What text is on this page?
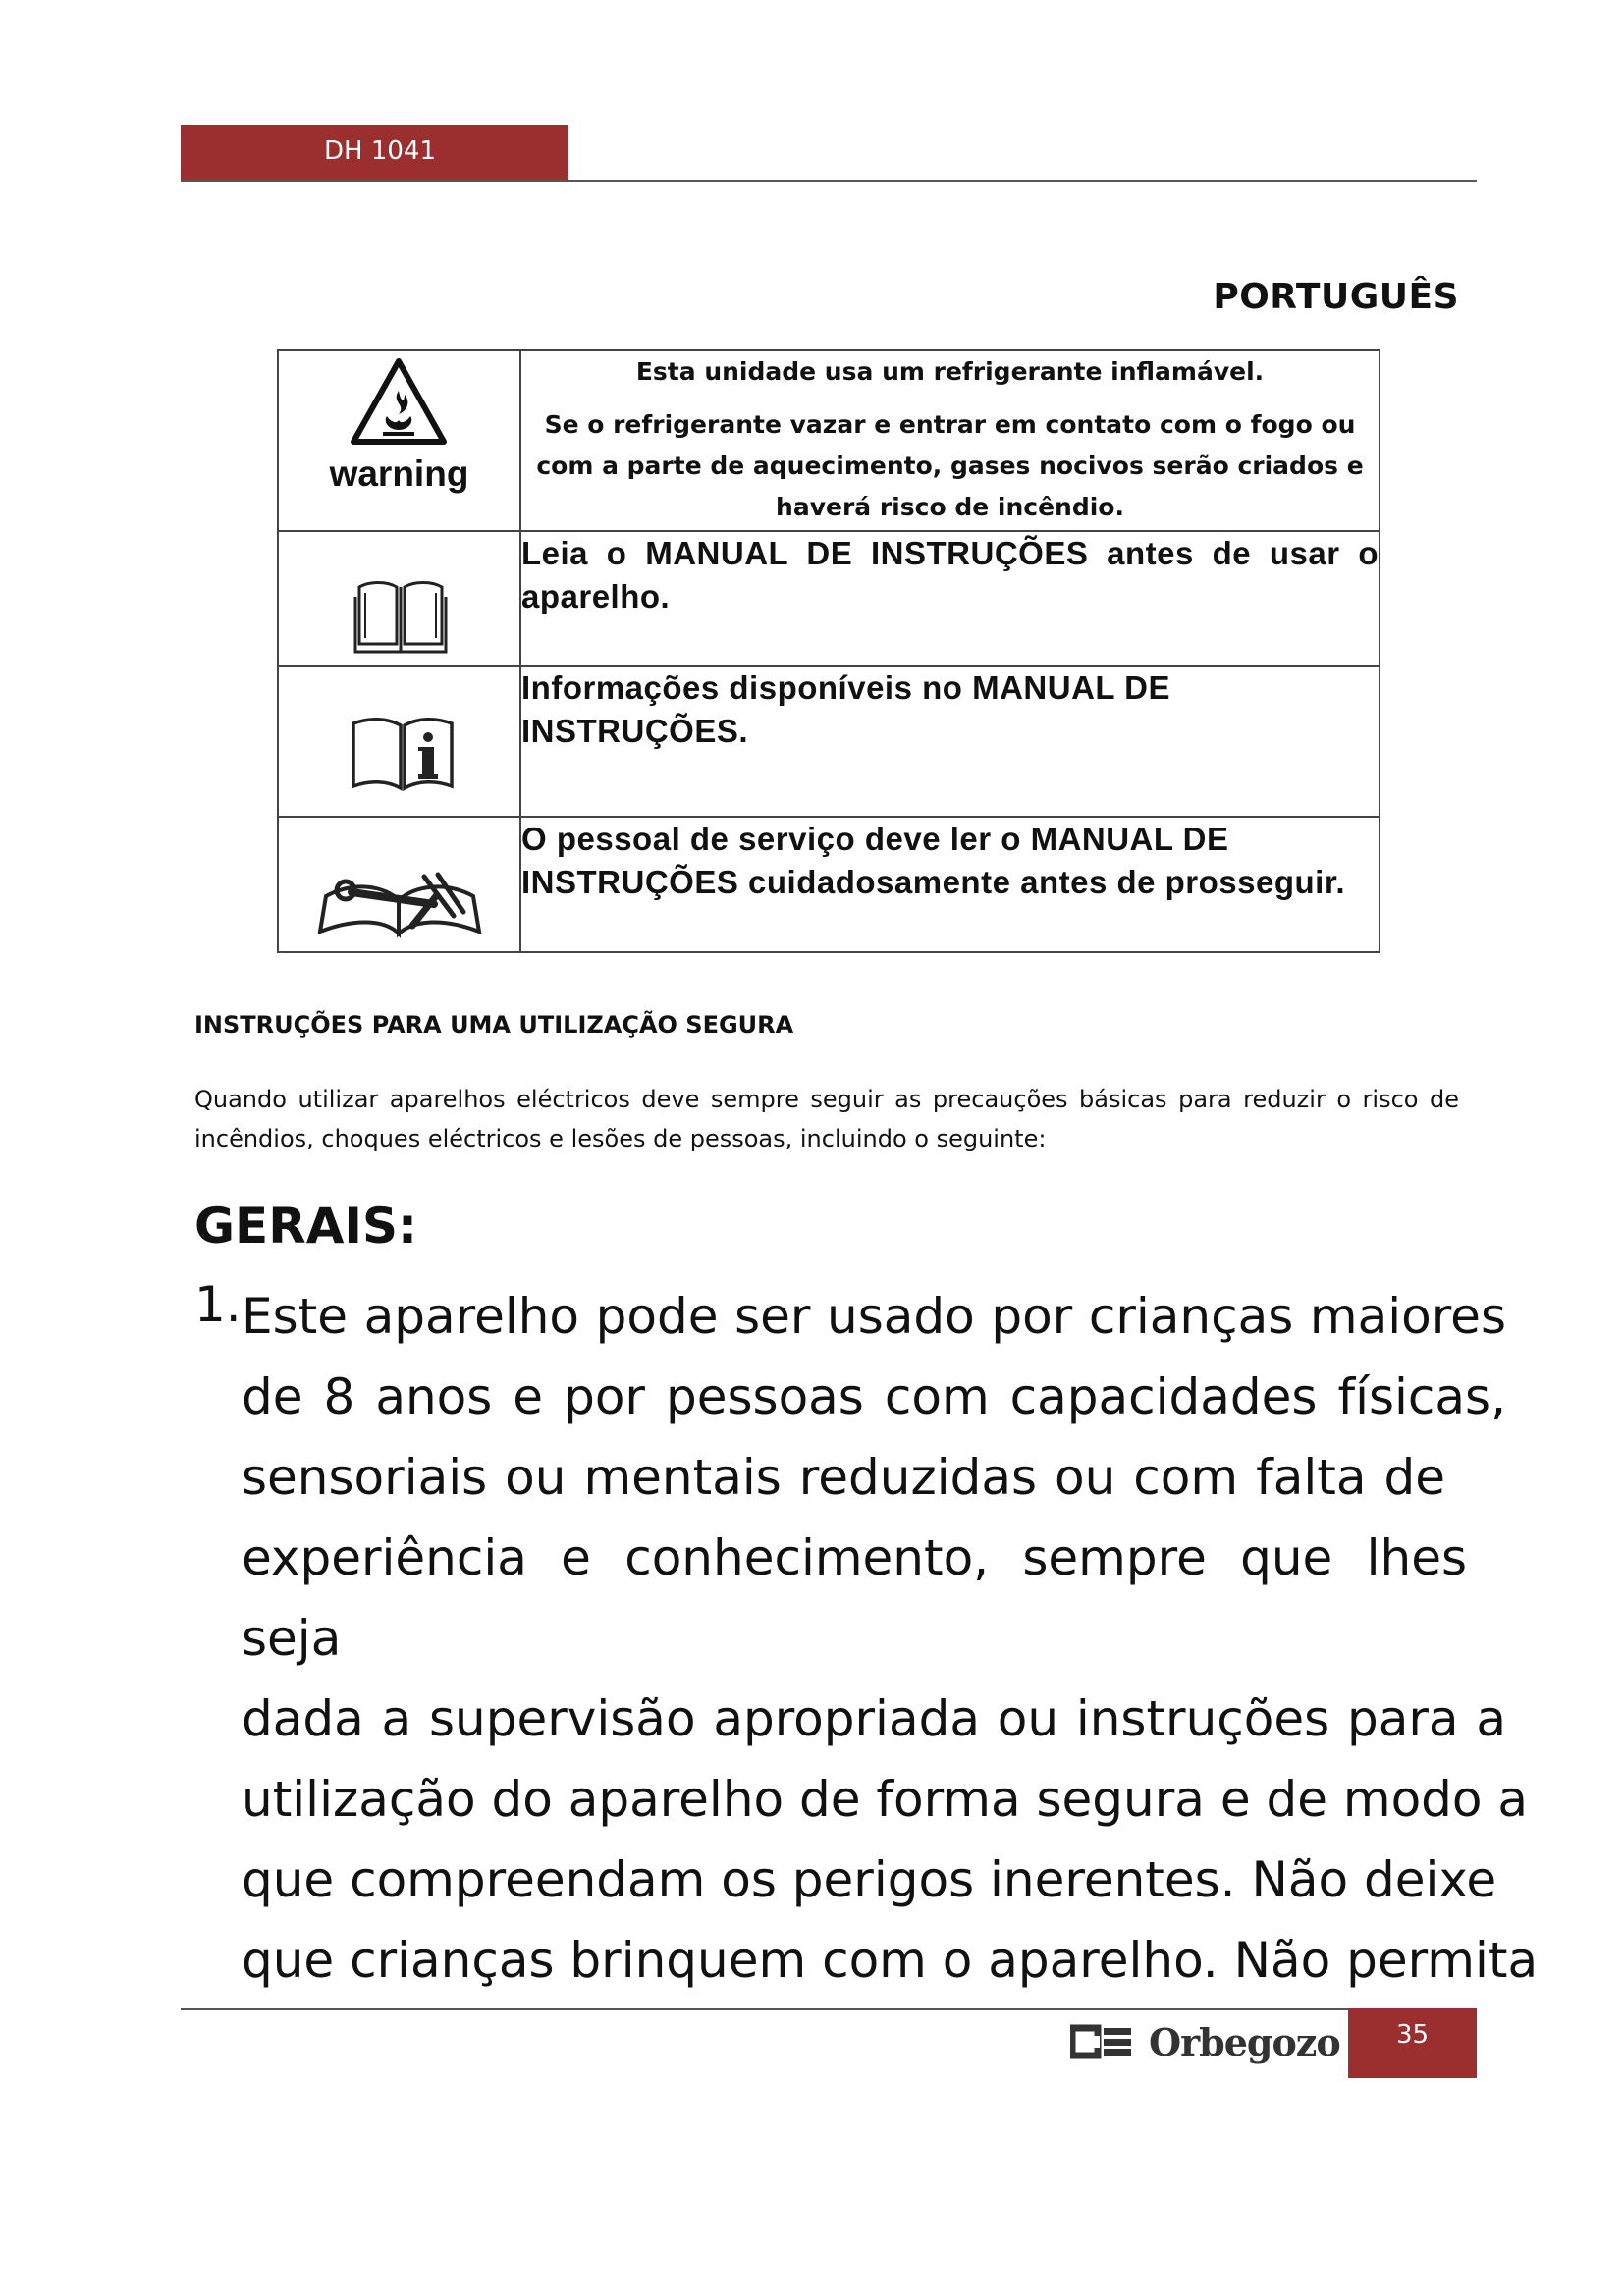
DH 1041
PORTUGUÊS
warning	Esta unidade usa um refrigerante inflamável.
Se o refrigerante vazar e entrar em contato com o fogo ou com a parte de aquecimento, gases nocivos serão criados e haverá risco de incêndio.

Leia o MANUAL DE INSTRUÇÕES antes de usar o aparelho.

Informações disponíveis no MANUAL DE INSTRUÇÕES.

O pessoal de serviço deve ler o MANUAL DE INSTRUÇÕES cuidadosamente antes de prosseguir.
INSTRUÇÕES PARA UMA UTILIZAÇÃO SEGURA
Quando utilizar aparelhos eléctricos deve sempre seguir as precauções básicas para reduzir o risco de incêndios, choques eléctricos e lesões de pessoas, incluindo o seguinte:
GERAIS:
1. Este aparelho pode ser usado por crianças maiores
de 8 anos e por pessoas com capacidades físicas,
sensoriais ou mentais reduzidas ou com falta de
experiência e conhecimento, sempre que lhes seja
dada a supervisão apropriada ou instruções para a
utilização do aparelho de forma segura e de modo a
que compreendam os perigos inerentes. Não deixe
que crianças brinquem com o aparelho. Não permita
Orbegozo	35
